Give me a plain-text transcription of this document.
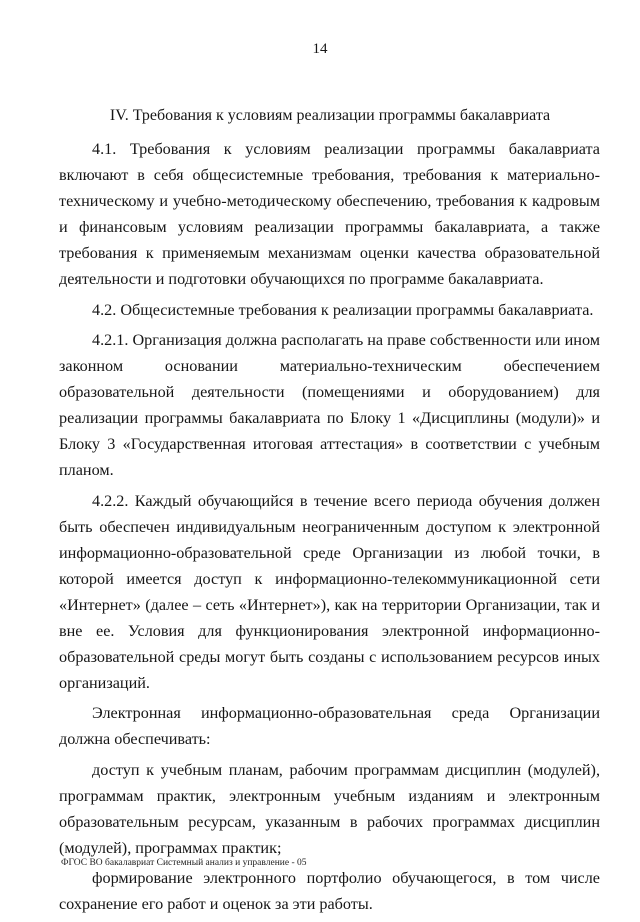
14
IV. Требования к условиям реализации программы бакалавриата

4.1. Требования к условиям реализации программы бакалавриата включают в себя общесистемные требования, требования к материально-техническому и учебно-методическому обеспечению, требования к кадровым и финансовым условиям реализации программы бакалавриата, а также требования к применяемым механизмам оценки качества образовательной деятельности и подготовки обучающихся по программе бакалавриата.

4.2. Общесистемные требования к реализации программы бакалавриата.

4.2.1. Организация должна располагать на праве собственности или ином законном основании материально-техническим обеспечением образовательной деятельности (помещениями и оборудованием) для реализации программы бакалавриата по Блоку 1 «Дисциплины (модули)» и Блоку 3 «Государственная итоговая аттестация» в соответствии с учебным планом.

4.2.2. Каждый обучающийся в течение всего периода обучения должен быть обеспечен индивидуальным неограниченным доступом к электронной информационно-образовательной среде Организации из любой точки, в которой имеется доступ к информационно-телекоммуникационной сети «Интернет» (далее – сеть «Интернет»), как на территории Организации, так и вне ее. Условия для функционирования электронной информационно-образовательной среды могут быть созданы с использованием ресурсов иных организаций.

Электронная информационно-образовательная среда Организации должна обеспечивать:

доступ к учебным планам, рабочим программам дисциплин (модулей), программам практик, электронным учебным изданиям и электронным образовательным ресурсам, указанным в рабочих программах дисциплин (модулей), программах практик;

формирование электронного портфолио обучающегося, в том числе сохранение его работ и оценок за эти работы.

ФГОС ВО бакалавриат Системный анализ и управление - 05
